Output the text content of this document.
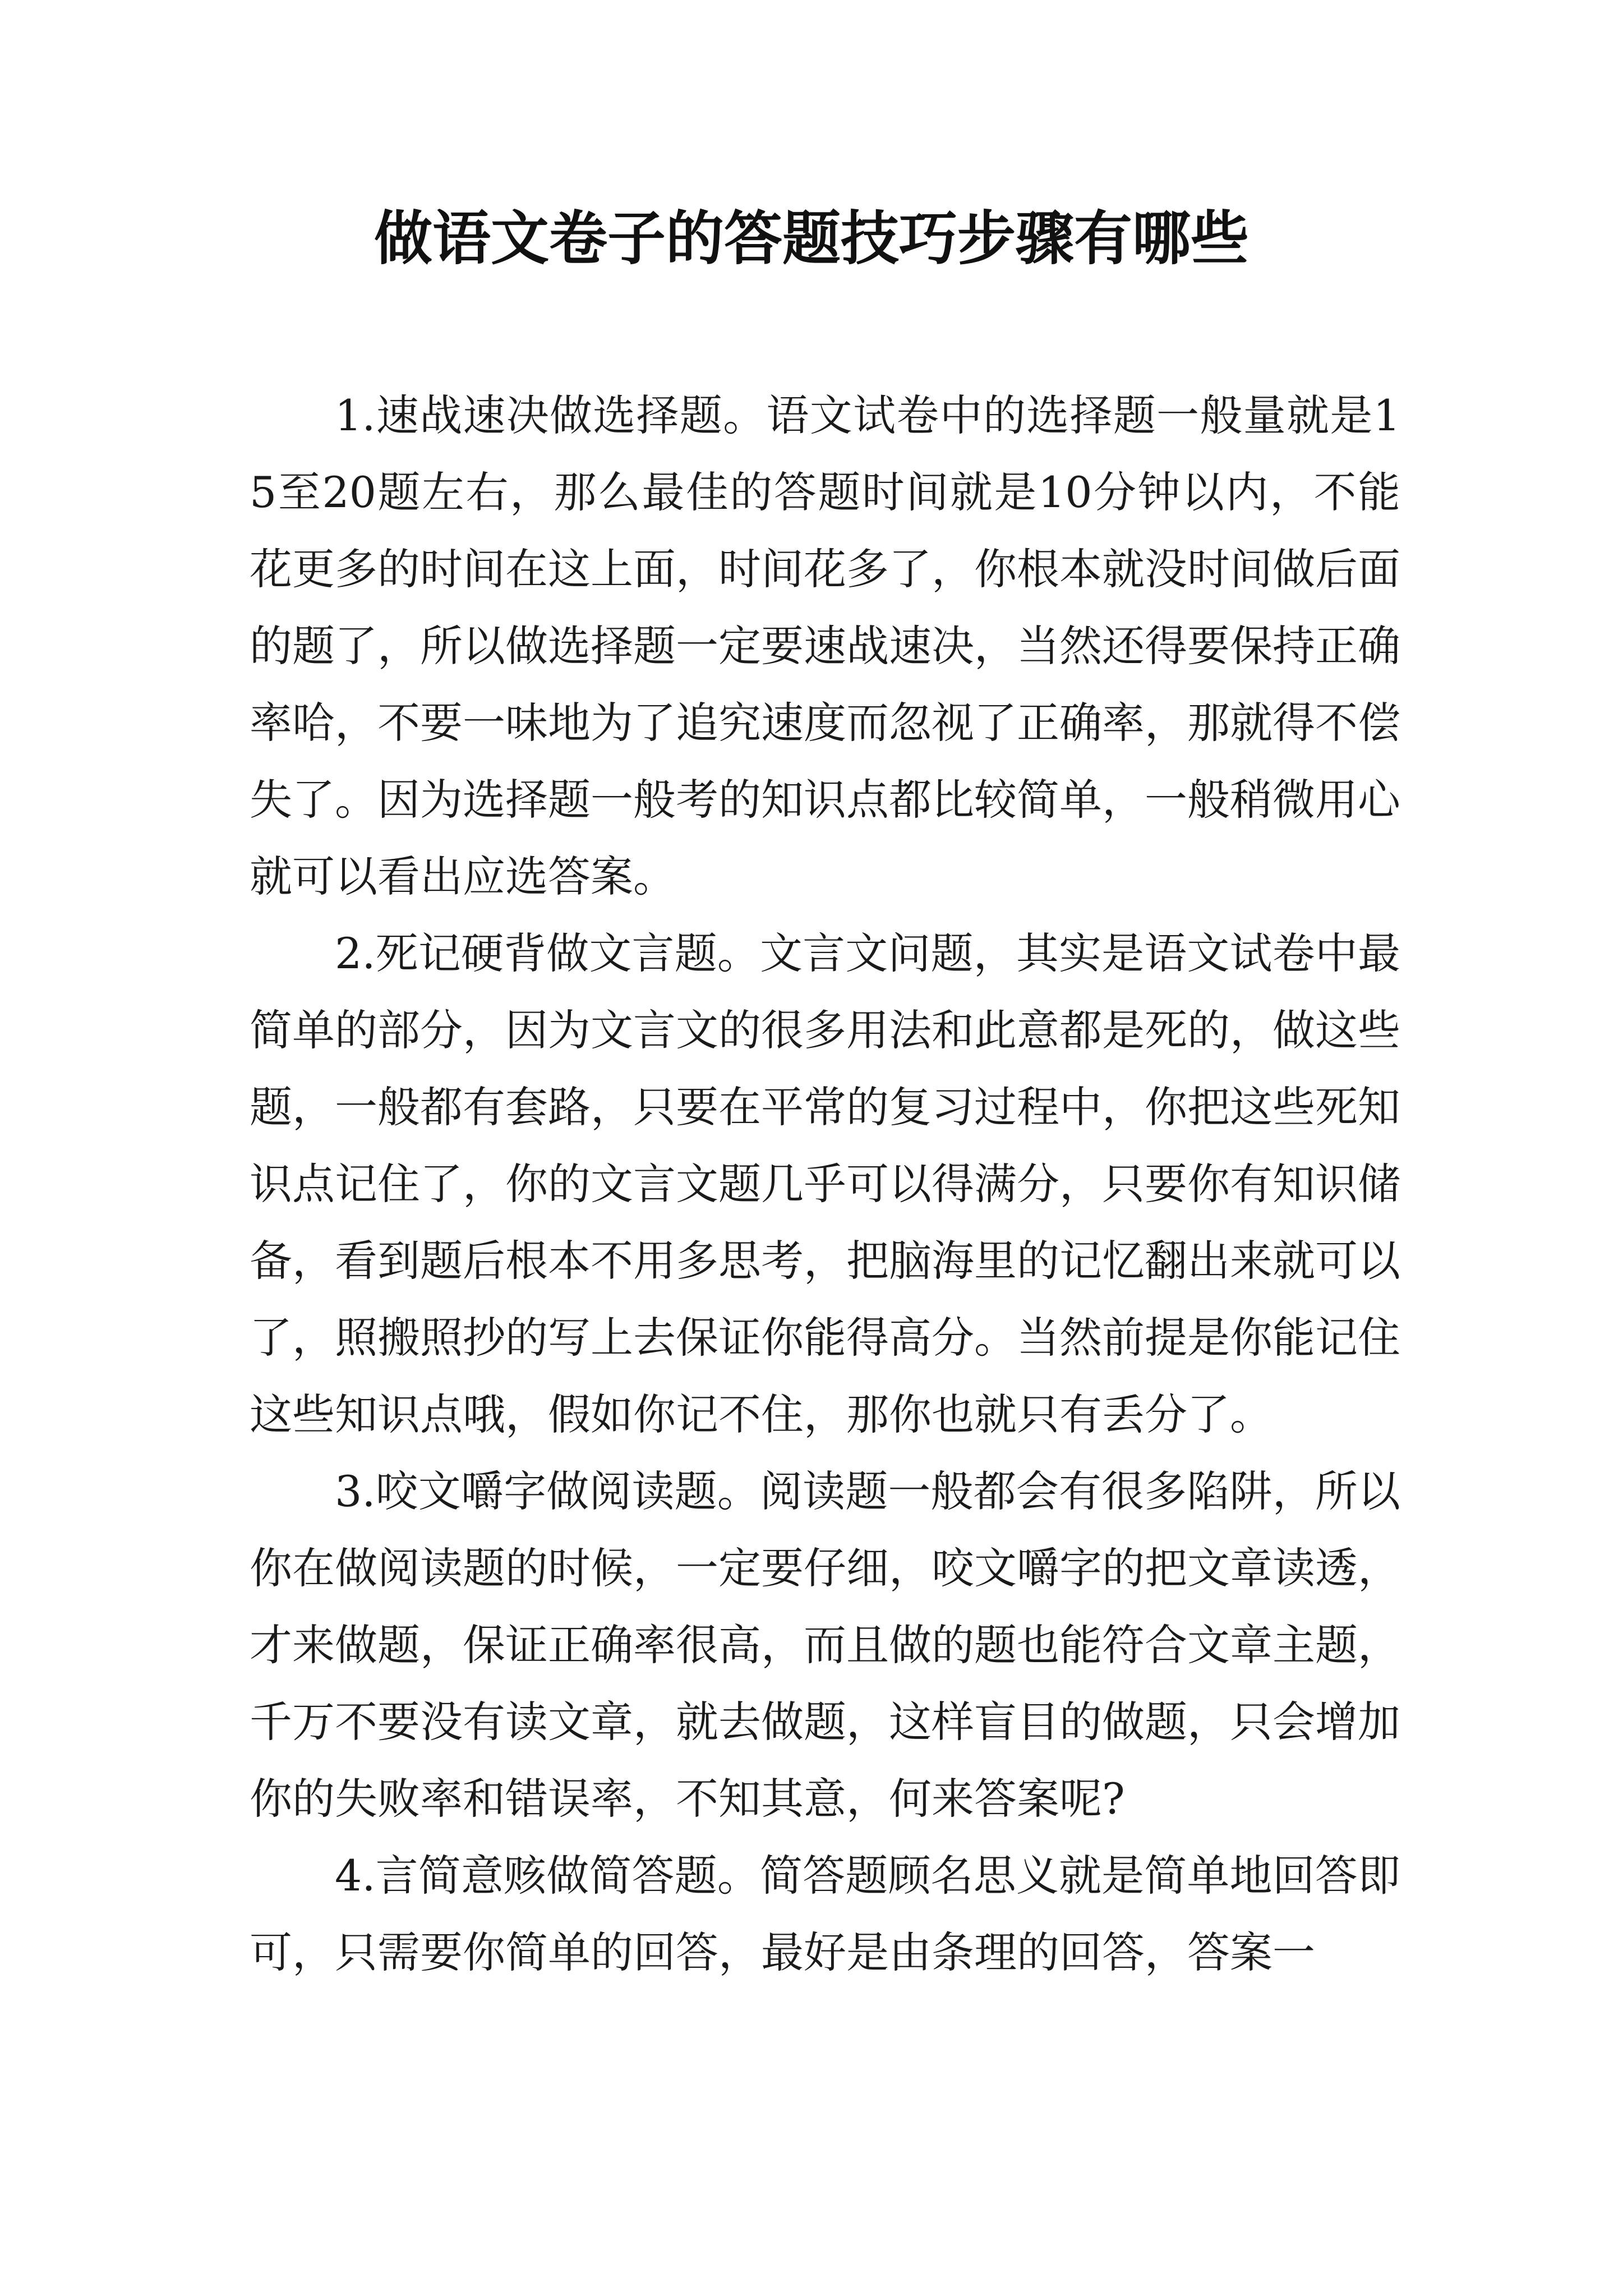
做语文卷子的答题技巧步骤有哪些

1.速战速决做选择题。语文试卷中的选择题一般量就是15至20题左右，那么最佳的答题时间就是10分钟以内，不能花更多的时间在这上面，时间花多了，你根本就没时间做后面的题了，所以做选择题一定要速战速决，当然还得要保持正确率哈，不要一味地为了追究速度而忽视了正确率，那就得不偿失了。因为选择题一般考的知识点都比较简单，一般稍微用心就可以看出应选答案。

2.死记硬背做文言题。文言文问题，其实是语文试卷中最简单的部分，因为文言文的很多用法和此意都是死的，做这些题，一般都有套路，只要在平常的复习过程中，你把这些死知识点记住了，你的文言文题几乎可以得满分，只要你有知识储备，看到题后根本不用多思考，把脑海里的记忆翻出来就可以了，照搬照抄的写上去保证你能得高分。当然前提是你能记住这些知识点哦，假如你记不住，那你也就只有丢分了。

3.咬文嚼字做阅读题。阅读题一般都会有很多陷阱，所以你在做阅读题的时候，一定要仔细，咬文嚼字的把文章读透，才来做题，保证正确率很高，而且做的题也能符合文章主题，千万不要没有读文章，就去做题，这样盲目的做题，只会增加你的失败率和错误率，不知其意，何来答案呢?

4.言简意赅做简答题。简答题顾名思义就是简单地回答即可，只需要你简单的回答，最好是由条理的回答，答案一
